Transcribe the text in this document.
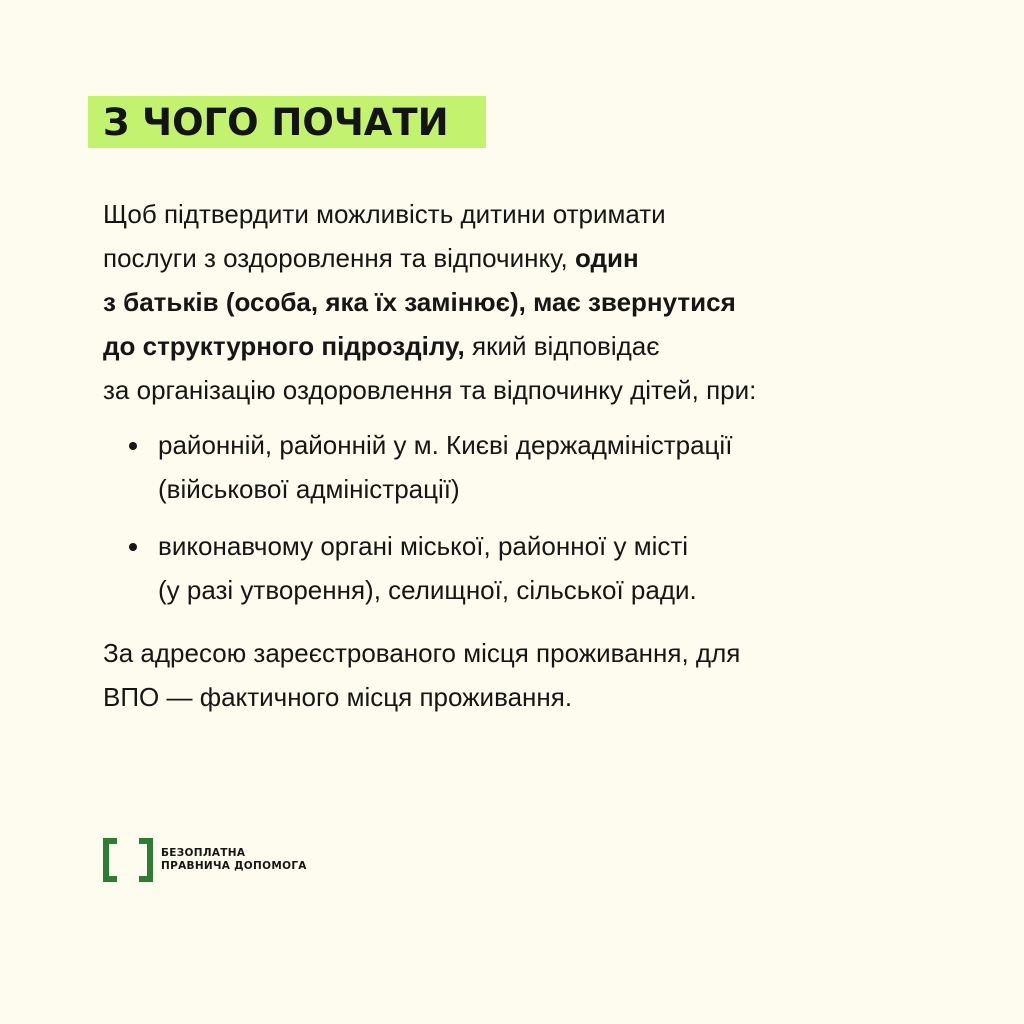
З ЧОГО ПОЧАТИ

Щоб підтвердити можливість дитини отримати
послуги з оздоровлення та відпочинку, один
з батьків (особа, яка їх замінює), має звернутися
до структурного підрозділу, який відповідає
за організацію оздоровлення та відпочинку дітей, при:

районній, районній у м. Києві держадміністрації
(військової адміністрації)
виконавчому органі міської, районної у місті
(у разі утворення), селищної, сільської ради.

За адресою зареєстрованого місця проживання, для
ВПО — фактичного місця проживання.

БЕЗОПЛАТНА
ПРАВНИЧА ДОПОМОГА
